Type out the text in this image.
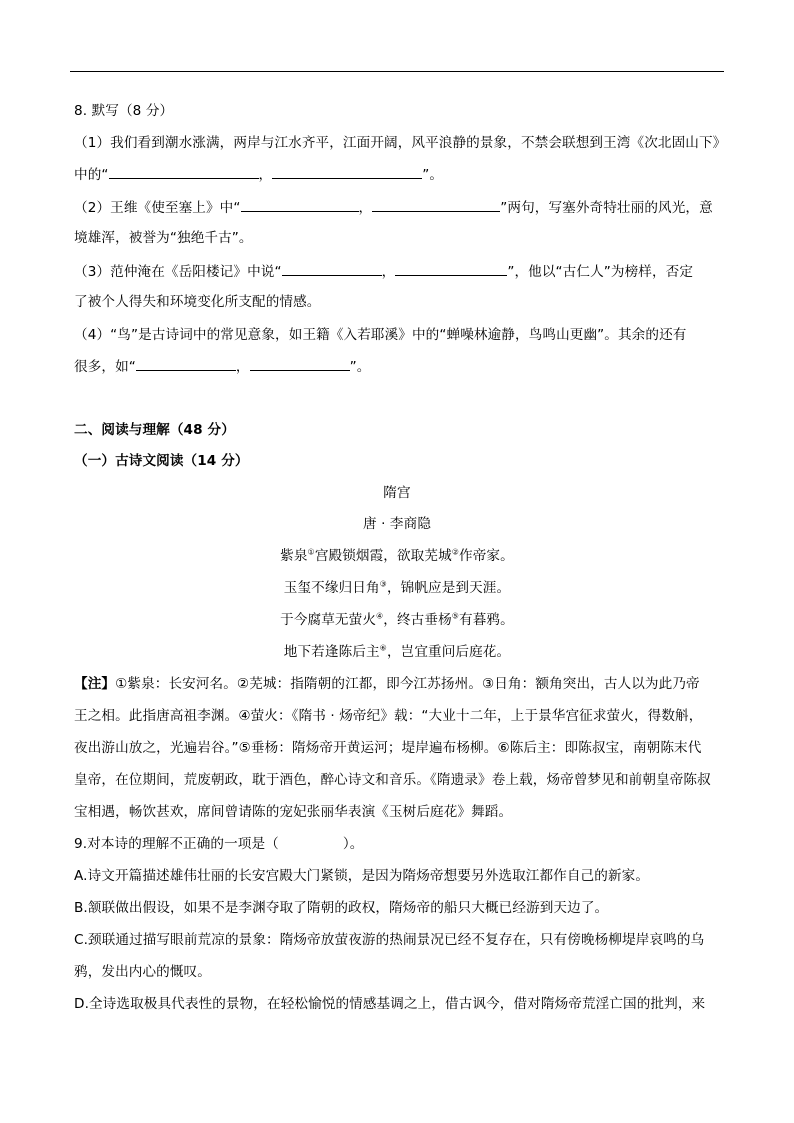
8. 默写（8 分）
（1）我们看到潮水涨满，两岸与江水齐平，江面开阔，风平浪静的景象，不禁会联想到王湾《次北固山下》
中的“	，	”。
（2）王维《使至塞上》中“	，	”两句，写塞外奇特壮丽的风光，意
境雄浑，被誉为“独绝千古”。
（3）范仲淹在《岳阳楼记》中说“	，	”，他以“古仁人”为榜样，否定
了被个人得失和环境变化所支配的情感。
（4）“鸟”是古诗词中的常见意象，如王籍《入若耶溪》中的“蝉噪林逾静，鸟鸣山更幽”。其余的还有
很多，如“	，	”。
二、阅读与理解（48 分）
（一）古诗文阅读（14 分）
隋宫
唐 · 李商隐
紫泉①宫殿锁烟霞，欲取芜城②作帝家。
玉玺不缘归日角③，锦帆应是到天涯。
于今腐草无萤火④，终古垂杨⑤有暮鸦。
地下若逢陈后主⑥，岂宜重问后庭花。
【注】①紫泉：长安河名。②芜城：指隋朝的江都，即今江苏扬州。③日角：额角突出，古人以为此乃帝
王之相。此指唐高祖李渊。④萤火：《隋书 · 炀帝纪》载：“大业十二年，上于景华宫征求萤火，得数斛，
夜出游山放之，光遍岩谷。”⑤垂杨：隋炀帝开黄运河；堤岸遍布杨柳。⑥陈后主：即陈叔宝，南朝陈末代
皇帝，在位期间，荒废朝政，耽于酒色，醉心诗文和音乐。《隋遗录》卷上载，炀帝曾梦见和前朝皇帝陈叔
宝相遇，畅饮甚欢，席间曾请陈的宠妃张丽华表演《玉树后庭花》舞蹈。
9.对本诗的理解不正确的一项是（	）。
A.诗文开篇描述雄伟壮丽的长安宫殿大门紧锁，是因为隋炀帝想要另外选取江都作自己的新家。
B.颔联做出假设，如果不是李渊夺取了隋朝的政权，隋炀帝的船只大概已经游到天边了。
C.颈联通过描写眼前荒凉的景象：隋炀帝放萤夜游的热闹景况已经不复存在，只有傍晚杨柳堤岸哀鸣的乌
鸦，发出内心的慨叹。
D.全诗选取极具代表性的景物，在轻松愉悦的情感基调之上，借古讽今，借对隋炀帝荒淫亡国的批判，来
